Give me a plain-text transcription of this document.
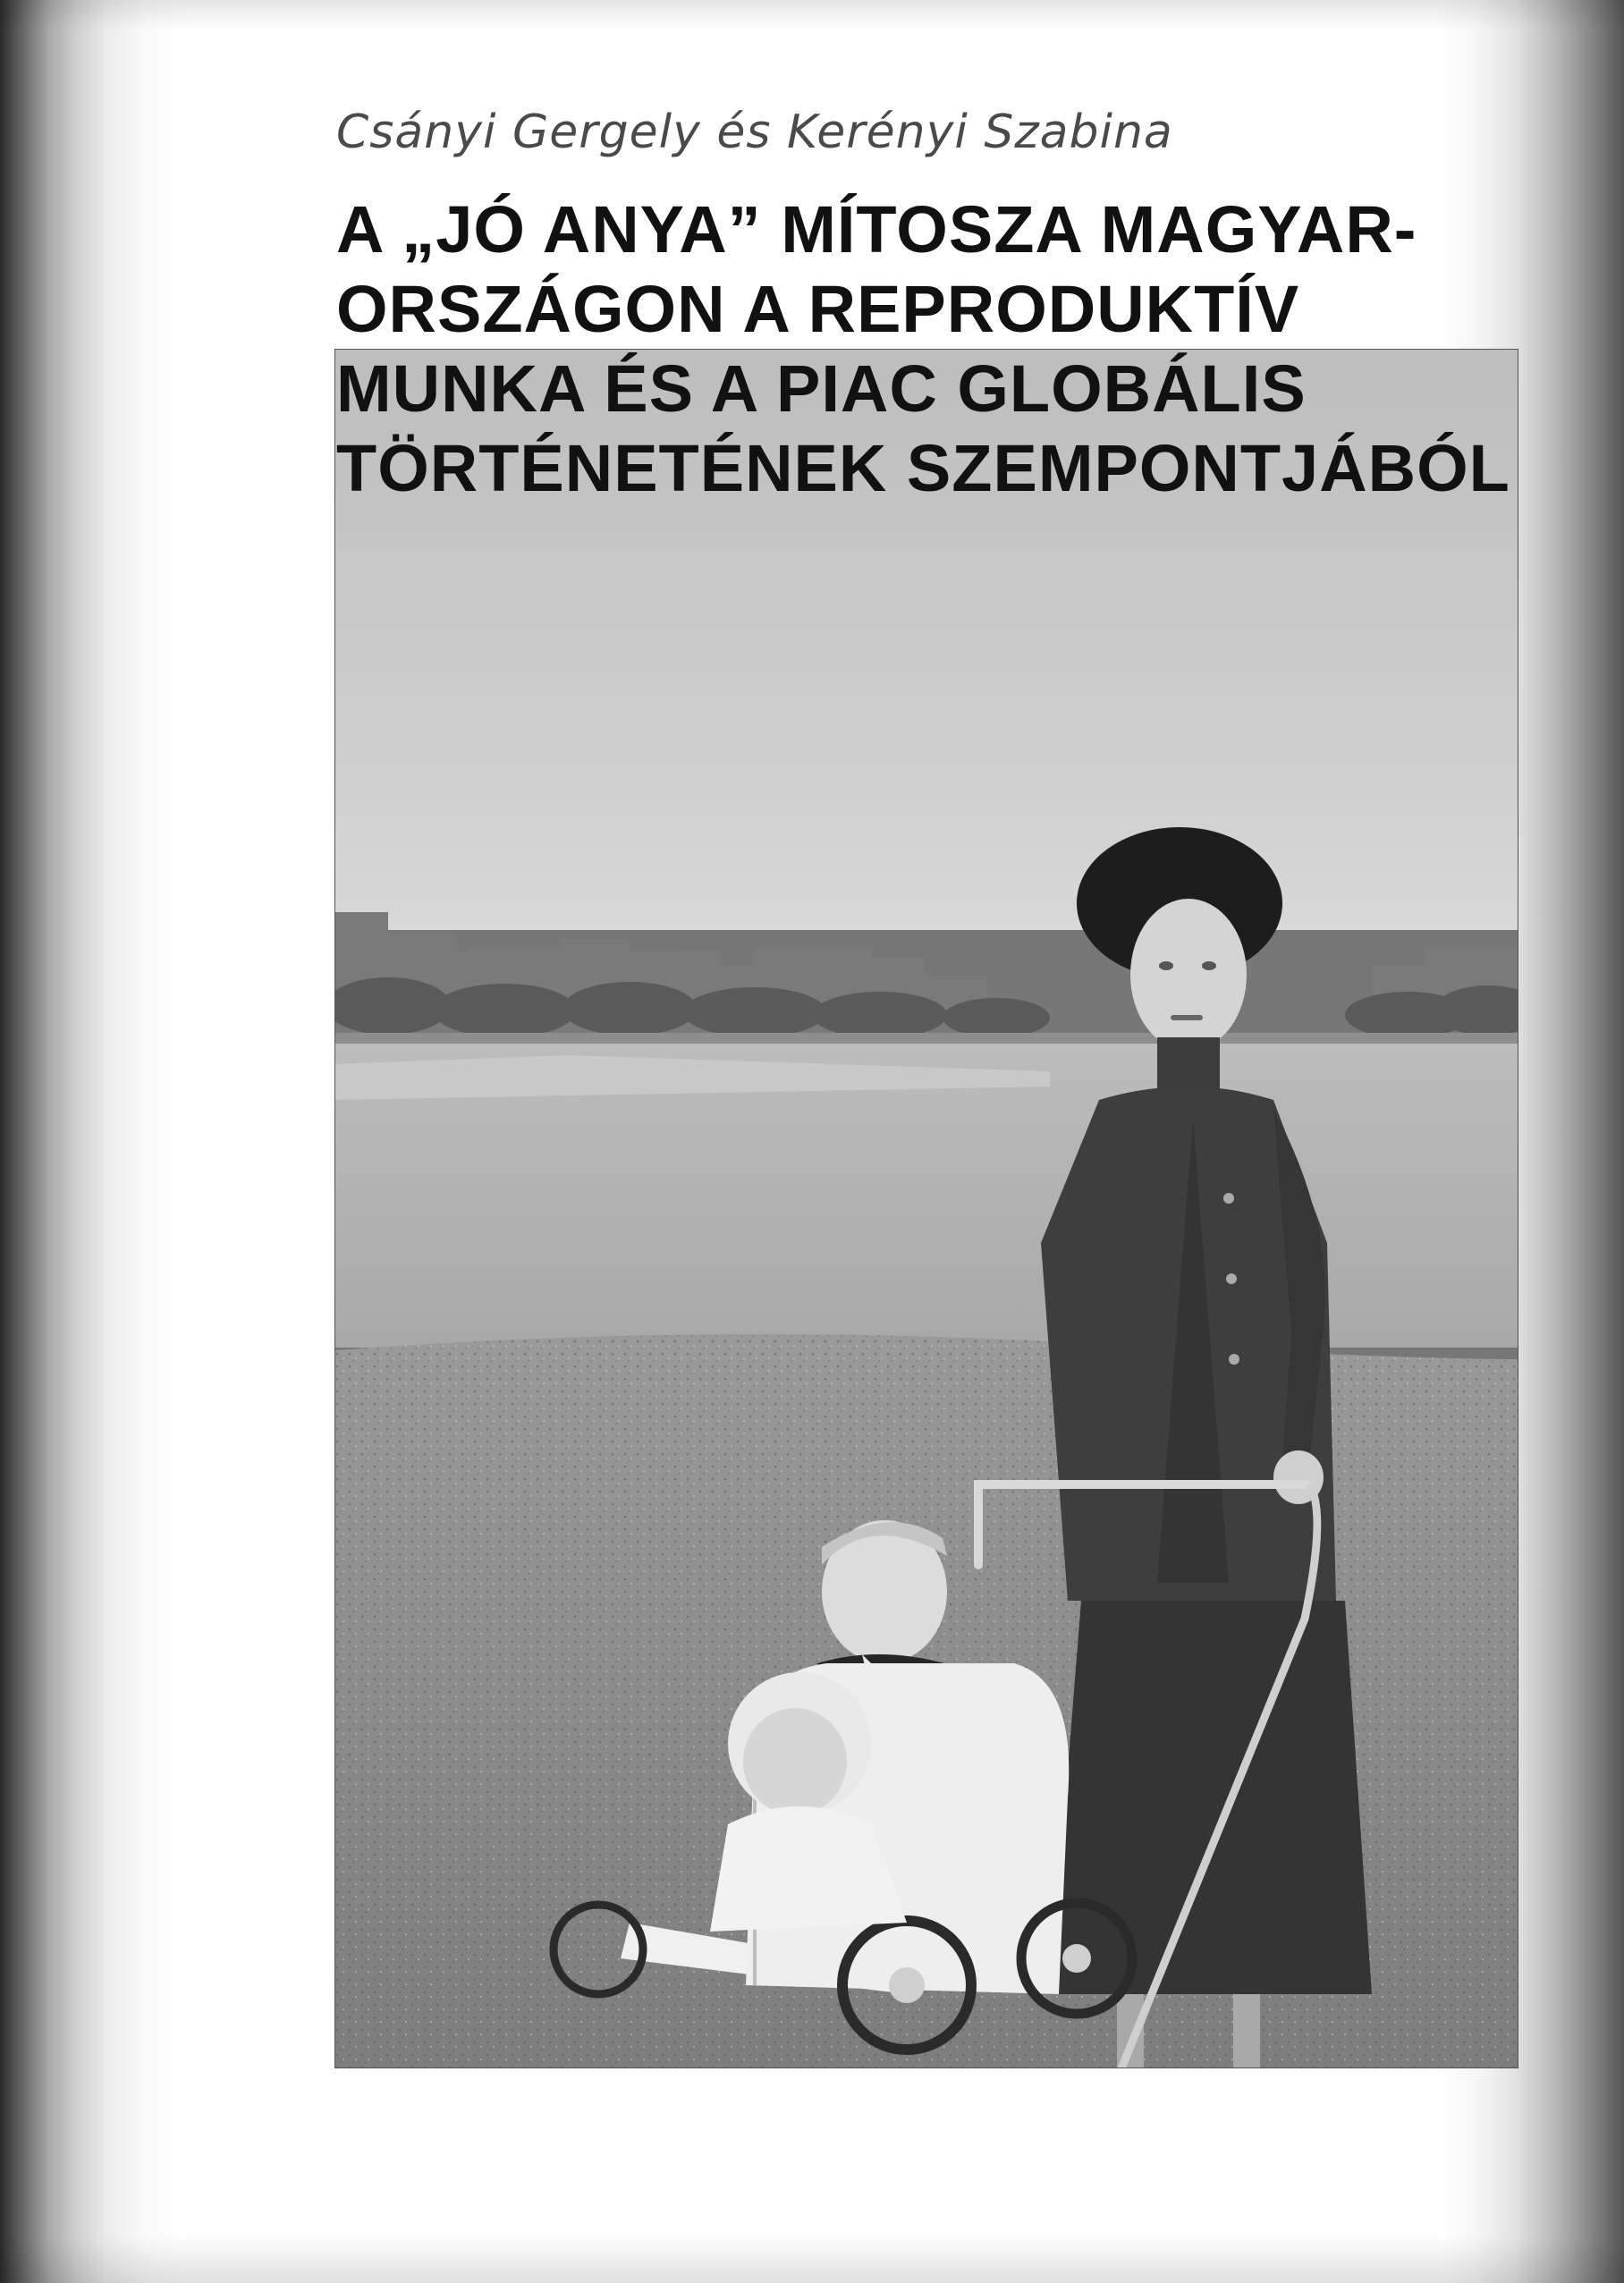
Csányi Gergely és Kerényi Szabina

A „JÓ ANYA” MÍTOSZA MAGYAR-
ORSZÁGON A REPRODUKTÍV
MUNKA ÉS A PIAC GLOBÁLIS
TÖRTÉNETÉNEK SZEMPONTJÁBÓL
